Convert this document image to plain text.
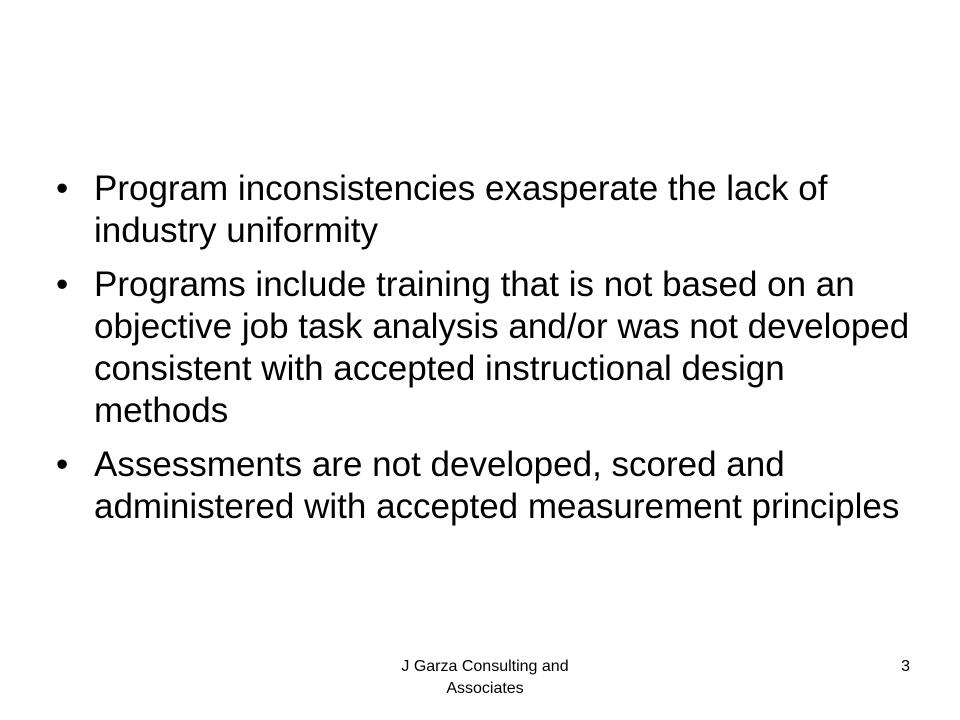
• Program inconsistencies exasperate the lack of industry uniformity
• Programs include training that is not based on an objective job task analysis and/or was not developed consistent with accepted instructional design methods
• Assessments are not developed, scored and administered with accepted measurement principles
J Garza Consulting and Associates
3
